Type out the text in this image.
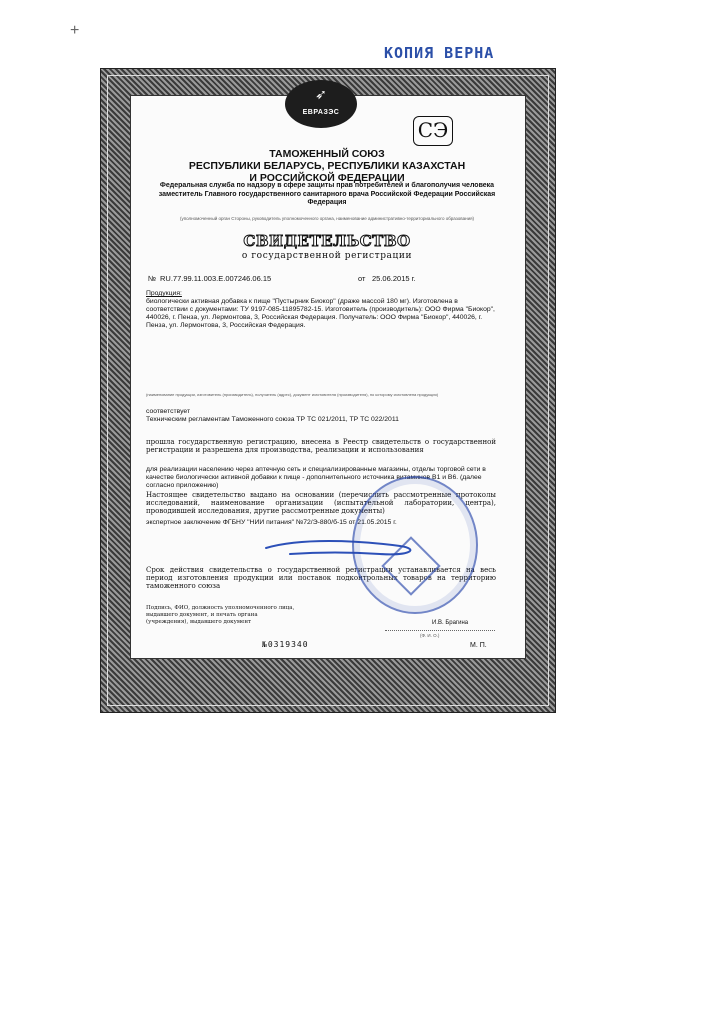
+
КОПИЯ ВЕРНА
➶
ЕВРАЗЭС
СЭ
ТАМОЖЕННЫЙ СОЮЗ
РЕСПУБЛИКИ БЕЛАРУСЬ, РЕСПУБЛИКИ КАЗАХСТАН
И РОССИЙСКОЙ ФЕДЕРАЦИИ
Федеральная служба по надзору в сфере защиты прав потребителей и благополучия человека заместитель Главного государственного санитарного врача Российской Федерации Российская Федерация
(уполномоченный орган Стороны, руководитель уполномоченного органа, наименование административно-территориального образования)
СВИДЕТЕЛЬСТВО
о государственной регистрации
№ RU.77.99.11.003.Е.007246.06.15	от 25.06.2015 г.
Продукция:
биологически активная добавка к пище "Пустырник Биокор" (драже массой 180 мг). Изготовлена в соответствии с документами: ТУ 9197-085-11895782-15. Изготовитель (производитель): ООО Фирма "Биокор", 440026, г. Пенза, ул. Лермонтова, 3, Российская Федерация. Получатель: ООО Фирма "Биокор", 440026, г. Пенза, ул. Лермонтова, 3, Российская Федерация.
(наименование продукции, изготовитель (производитель), получатель (адрес), документ изготовителя (производителя), по которому изготовлена продукция)
соответствует
Техническим регламентам Таможенного союза ТР ТС 021/2011, ТР ТС 022/2011
прошла государственную регистрацию, внесена в Реестр свидетельств о государственной регистрации и разрешена для производства, реализации и использования
для реализации населению через аптечную сеть и специализированные магазины, отделы торговой сети в качестве биологически активной добавки к пище - дополнительного источника витаминов В1 и В6. (далее согласно приложению)
Настоящее свидетельство выдано на основании (перечислить рассмотренные протоколы исследований, наименование организации (испытательной лаборатории, центра), проводившей исследования, другие рассмотренные документы)
экспертное заключение ФГБНУ "НИИ питания" №72/Э-880/б-15 от 21.05.2015 г.
Срок действия свидетельства о государственной регистрации устанавливается на весь период изготовления продукции или поставок подконтрольных товаров на территорию таможенного союза
Подпись, ФИО, должность уполномоченного лица, выдавшего документ, и печать органа (учреждения), выдавшего документ	И.В. Брагина
(Ф. И. О.)
№0319340	М. П.
